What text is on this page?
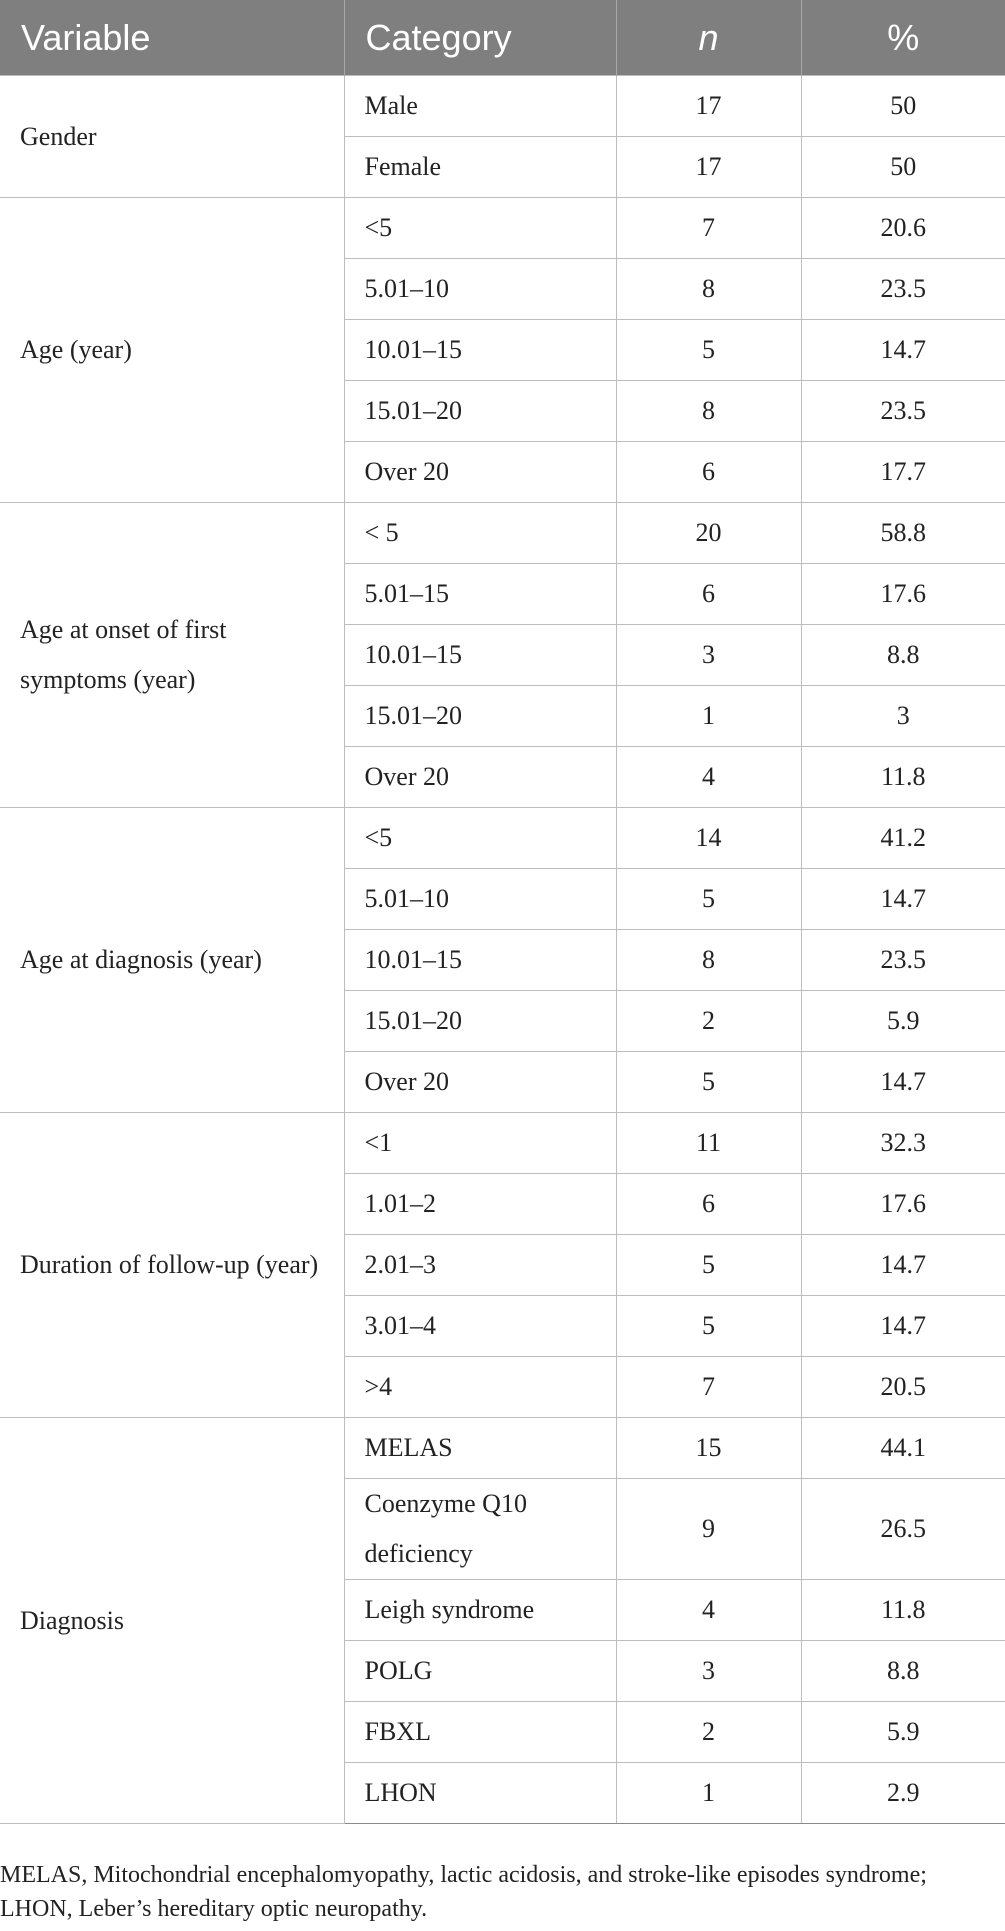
Variable	Category	n	%
Gender	Male	17	50
	Female	17	50
Age (year)	<5	7	20.6
	5.01–10	8	23.5
	10.01–15	5	14.7
	15.01–20	8	23.5
	Over 20	6	17.7
Age at onset of first symptoms (year)	< 5	20	58.8
	5.01–15	6	17.6
	10.01–15	3	8.8
	15.01–20	1	3
	Over 20	4	11.8
Age at diagnosis (year)	<5	14	41.2
	5.01–10	5	14.7
	10.01–15	8	23.5
	15.01–20	2	5.9
	Over 20	5	14.7
Duration of follow-up (year)	<1	11	32.3
	1.01–2	6	17.6
	2.01–3	5	14.7
	3.01–4	5	14.7
	>4	7	20.5
Diagnosis	MELAS	15	44.1
	Coenzyme Q10 deficiency	9	26.5
	Leigh syndrome	4	11.8
	POLG	3	8.8
	FBXL	2	5.9
	LHON	1	2.9
MELAS, Mitochondrial encephalomyopathy, lactic acidosis, and stroke-like episodes syndrome; LHON, Leber’s hereditary optic neuropathy.
